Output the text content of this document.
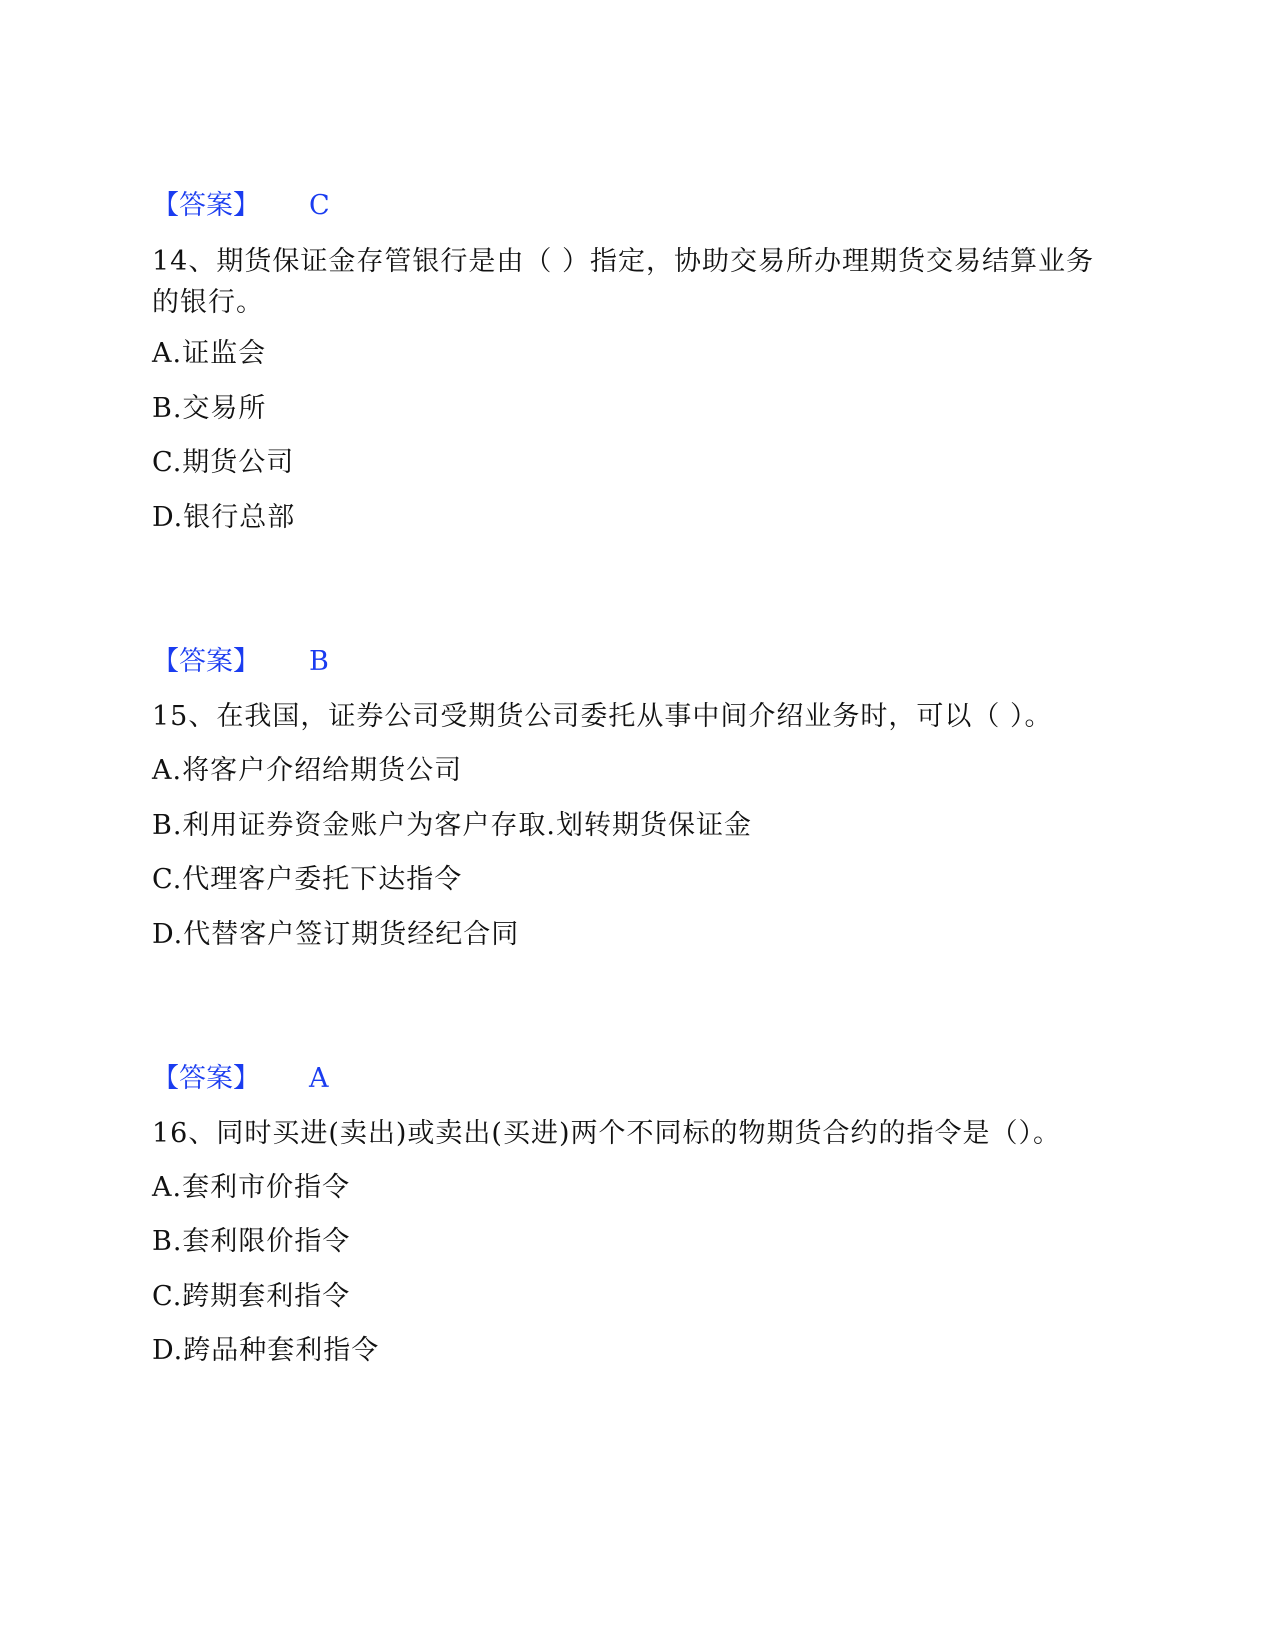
【答案】 C
14、期货保证金存管银行是由（ ）指定，协助交易所办理期货交易结算业务的银行。
A.证监会
B.交易所
C.期货公司
D.银行总部
【答案】 B
15、在我国，证券公司受期货公司委托从事中间介绍业务时，可以（ ）。
A.将客户介绍给期货公司
B.利用证券资金账户为客户存取.划转期货保证金
C.代理客户委托下达指令
D.代替客户签订期货经纪合同
【答案】 A
16、同时买进(卖出)或卖出(买进)两个不同标的物期货合约的指令是（）。
A.套利市价指令
B.套利限价指令
C.跨期套利指令
D.跨品种套利指令
